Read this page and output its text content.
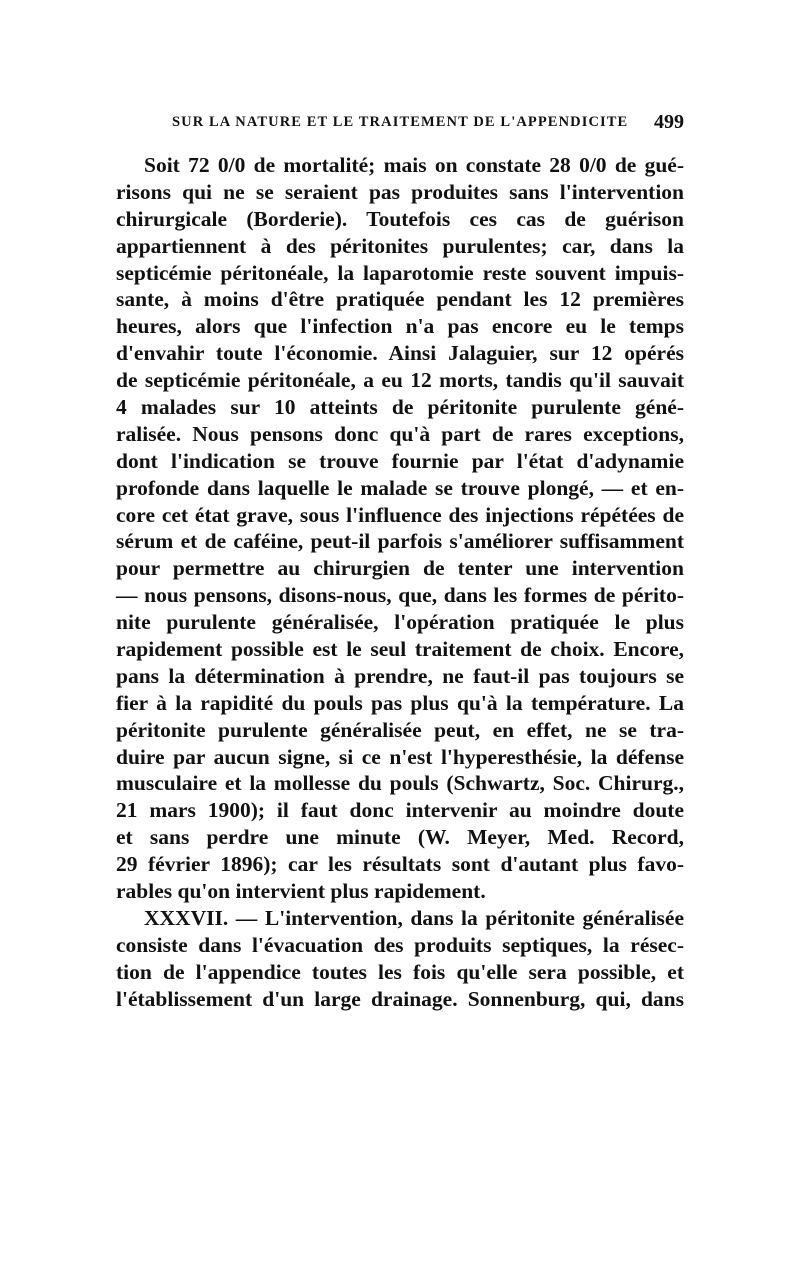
SUR LA NATURE ET LE TRAITEMENT DE L'APPENDICITE 499
Soit 72 0/0 de mortalité; mais on constate 28 0/0 de gué-
risons qui ne se seraient pas produites sans l'intervention
chirurgicale (Borderie). Toutefois ces cas de guérison
appartiennent à des péritonites purulentes; car, dans la
septicémie péritonéale, la laparotomie reste souvent impuis-
sante, à moins d'être pratiquée pendant les 12 premières
heures, alors que l'infection n'a pas encore eu le temps
d'envahir toute l'économie. Ainsi Jalaguier, sur 12 opérés
de septicémie péritonéale, a eu 12 morts, tandis qu'il sauvait
4 malades sur 10 atteints de péritonite purulente géné-
ralisée. Nous pensons donc qu'à part de rares exceptions,
dont l'indication se trouve fournie par l'état d'adynamie
profonde dans laquelle le malade se trouve plongé, — et en-
core cet état grave, sous l'influence des injections répétées de
sérum et de caféine, peut-il parfois s'améliorer suffisamment
pour permettre au chirurgien de tenter une intervention
— nous pensons, disons-nous, que, dans les formes de périto-
nite purulente généralisée, l'opération pratiquée le plus
rapidement possible est le seul traitement de choix. Encore,
pans la détermination à prendre, ne faut-il pas toujours se
fier à la rapidité du pouls pas plus qu'à la température. La
péritonite purulente généralisée peut, en effet, ne se tra-
duire par aucun signe, si ce n'est l'hyperesthésie, la défense
musculaire et la mollesse du pouls (Schwartz, Soc. Chirurg.,
21 mars 1900); il faut donc intervenir au moindre doute
et sans perdre une minute (W. Meyer, Med. Record,
29 février 1896); car les résultats sont d'autant plus favo-
rables qu'on intervient plus rapidement.
XXXVII. — L'intervention, dans la péritonite généralisée
consiste dans l'évacuation des produits septiques, la résec-
tion de l'appendice toutes les fois qu'elle sera possible, et
l'établissement d'un large drainage. Sonnenburg, qui, dans
